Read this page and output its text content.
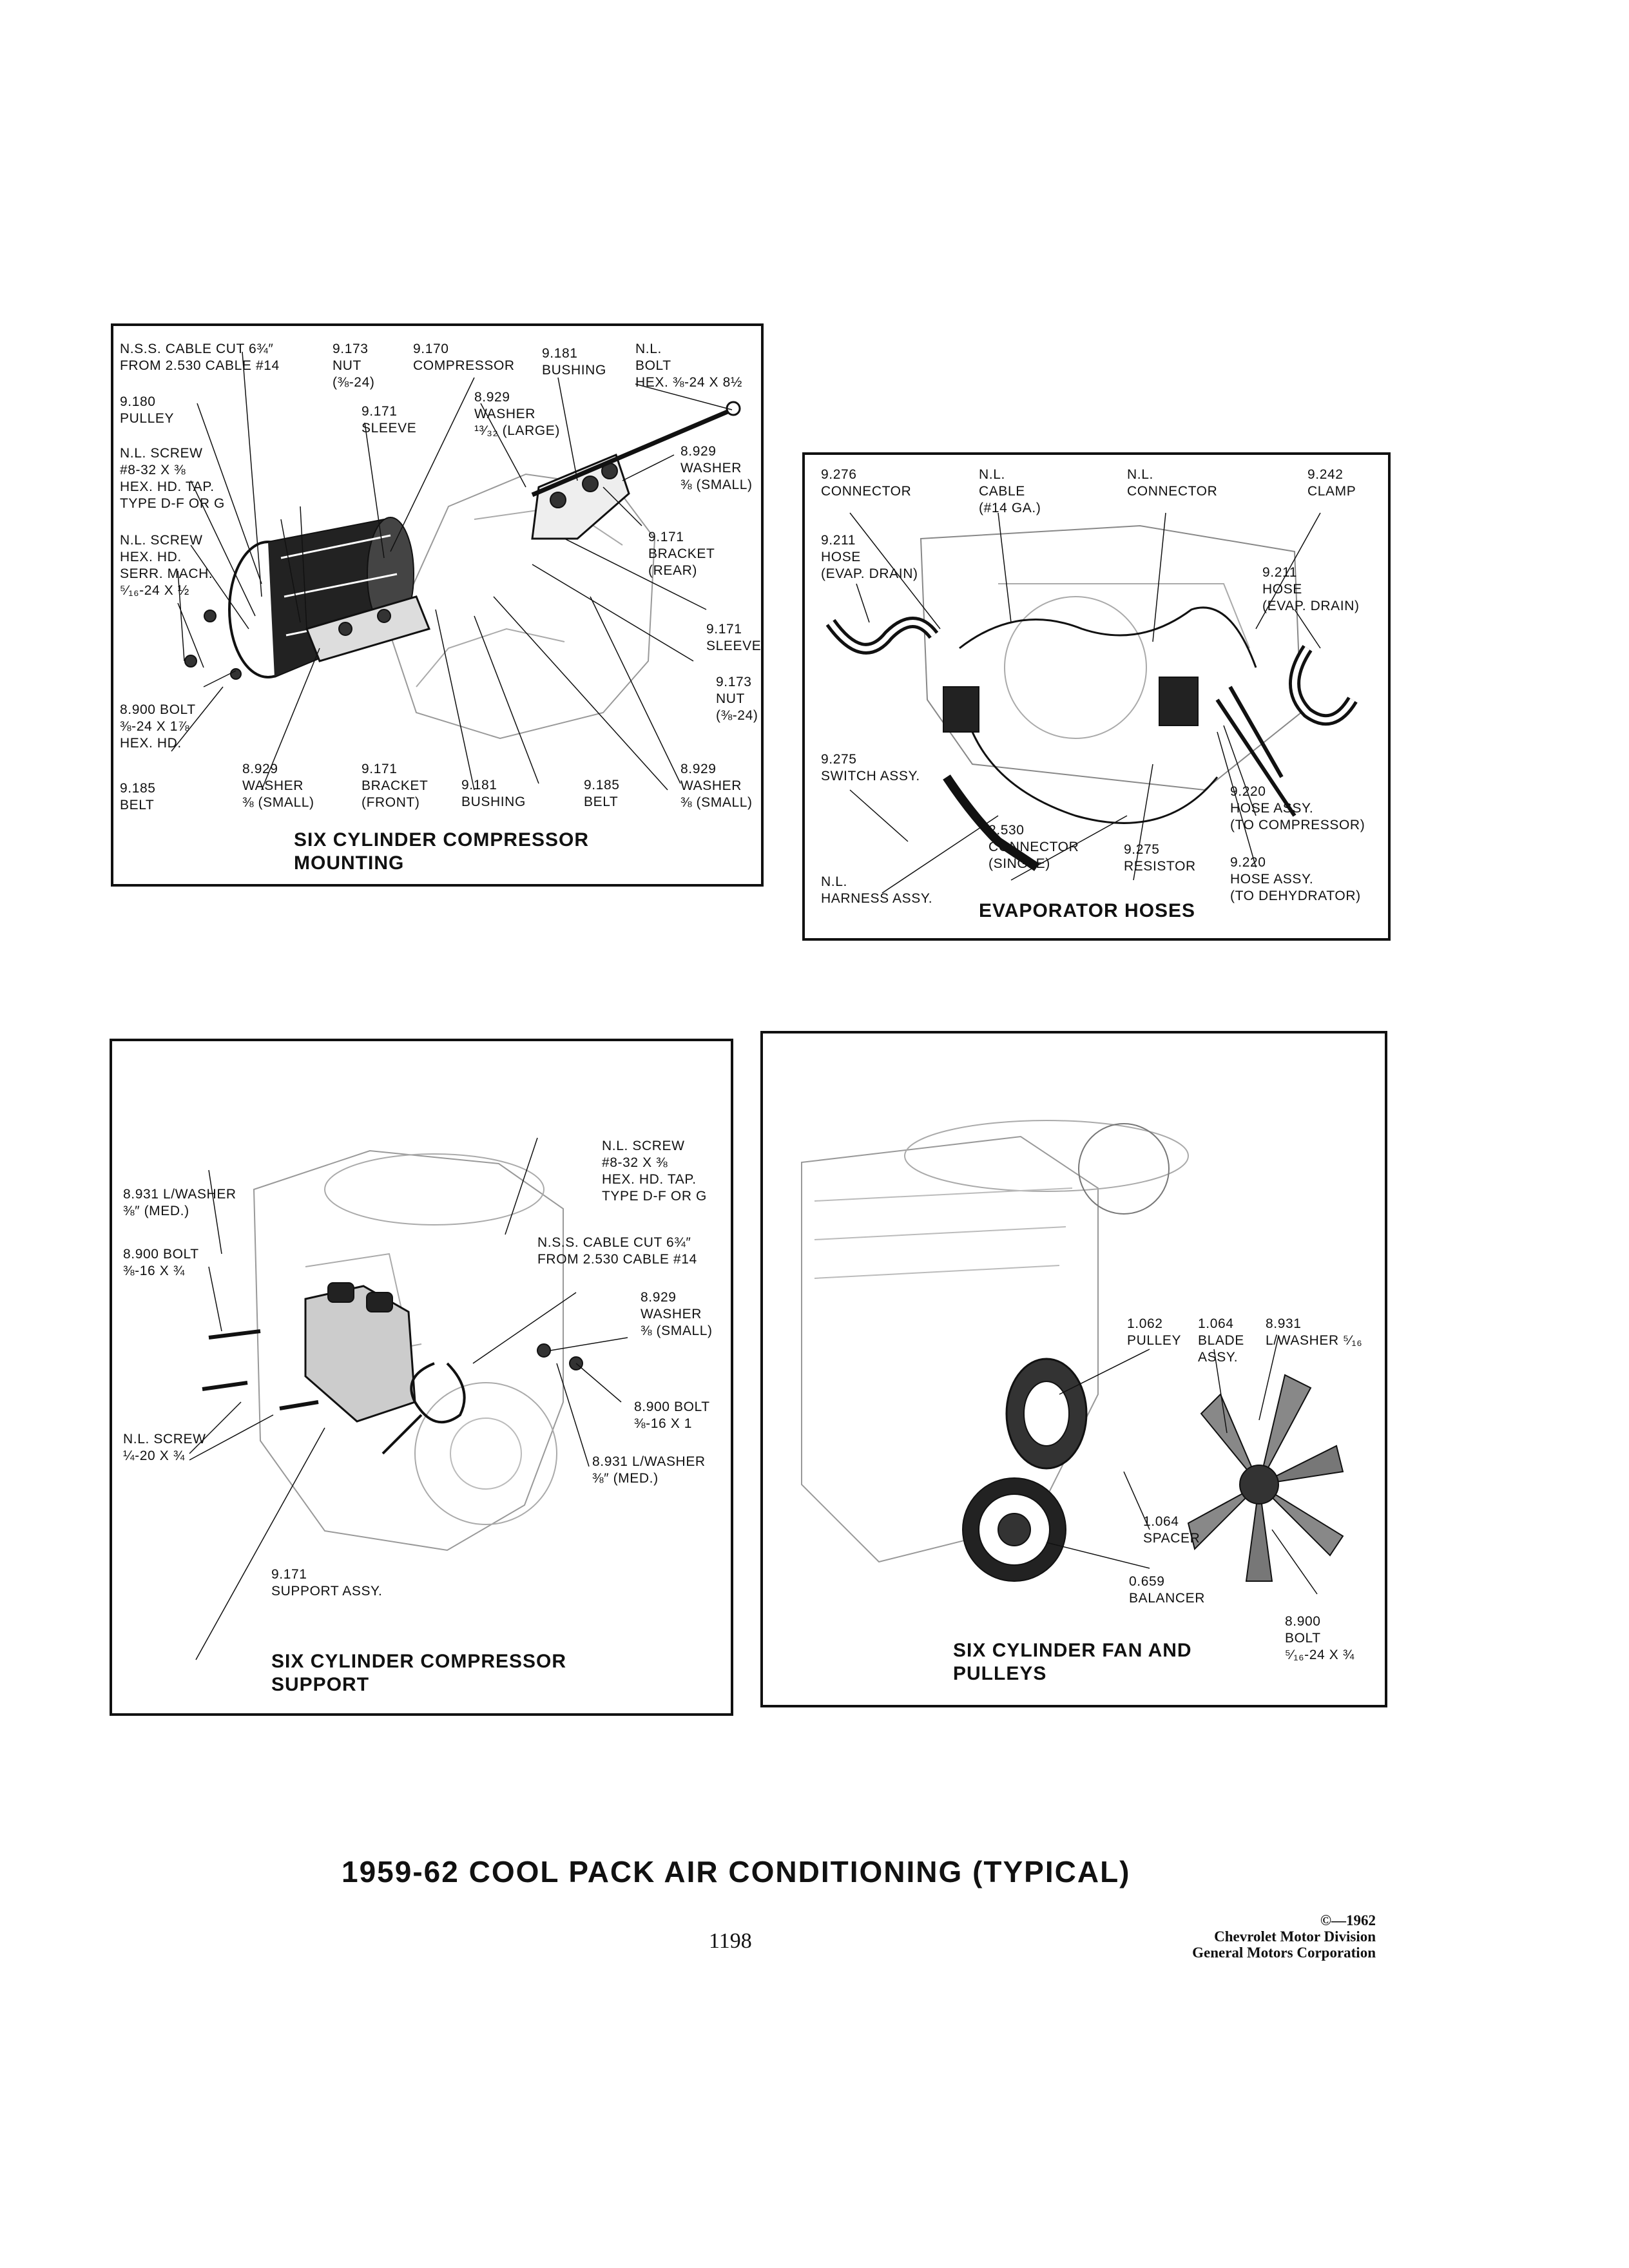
N.S.S. CABLE CUT 6¾″
FROM 2.530 CABLE #14
9.173
NUT
(⅜-24)
9.170
COMPRESSOR
9.181
BUSHING
N.L.
BOLT
HEX. ⅜-24 X 8½
9.180
PULLEY	9.171
SLEEVE
8.929
WASHER
¹³⁄₃₂ (LARGE)
8.929
WASHER
⅜ (SMALL)
N.L. SCREW
#8-32 X ⅜
HEX. HD. TAP.
TYPE D-F OR G
9.171
BRACKET
(REAR)
N.L. SCREW
HEX. HD.
SERR. MACH.
⁵⁄₁₆-24 X ½
9.171
SLEEVE
9.173
NUT
(⅜-24)
8.900 BOLT
⅜-24 X 1⅞
HEX. HD.
9.185
BELT
8.929
WASHER
⅜ (SMALL)
9.171
BRACKET
(FRONT)
9.181
BUSHING
9.185
BELT
8.929
WASHER
⅜ (SMALL)
SIX CYLINDER COMPRESSOR
MOUNTING
9.276
CONNECTOR
N.L.
CABLE
(#14 GA.)
N.L.
CONNECTOR
9.242
CLAMP
9.211
HOSE
(EVAP. DRAIN)	9.211
HOSE
(EVAP. DRAIN)
9.275
SWITCH ASSY.
9.220
HOSE ASSY.
(TO COMPRESSOR)
2.530
CONNECTOR
(SINGLE)
9.275
RESISTOR	9.220
HOSE ASSY.
(TO DEHYDRATOR)
N.L.
HARNESS ASSY.
EVAPORATOR HOSES
N.L. SCREW
#8-32 X ⅜
HEX. HD. TAP.
TYPE D-F OR G
8.931 L/WASHER
⅜″ (MED.)
N.S.S. CABLE CUT 6¾″
FROM 2.530 CABLE #14
8.900 BOLT
⅜-16 X ¾
8.929
WASHER
⅜ (SMALL)
8.900 BOLT
⅜-16 X 1
N.L. SCREW
¼-20 X ¾	8.931 L/WASHER
⅜″ (MED.)
9.171
SUPPORT ASSY.
SIX CYLINDER COMPRESSOR
SUPPORT
1.062
PULLEY
1.064
BLADE
ASSY.
8.931
L/WASHER ⁵⁄₁₆
1.064
SPACER
0.659
BALANCER
8.900
BOLT
⁵⁄₁₆-24 X ¾
SIX CYLINDER FAN AND
PULLEYS
1959-62 COOL PACK AIR CONDITIONING (TYPICAL)
1198
©—1962
Chevrolet Motor Division
General Motors Corporation
